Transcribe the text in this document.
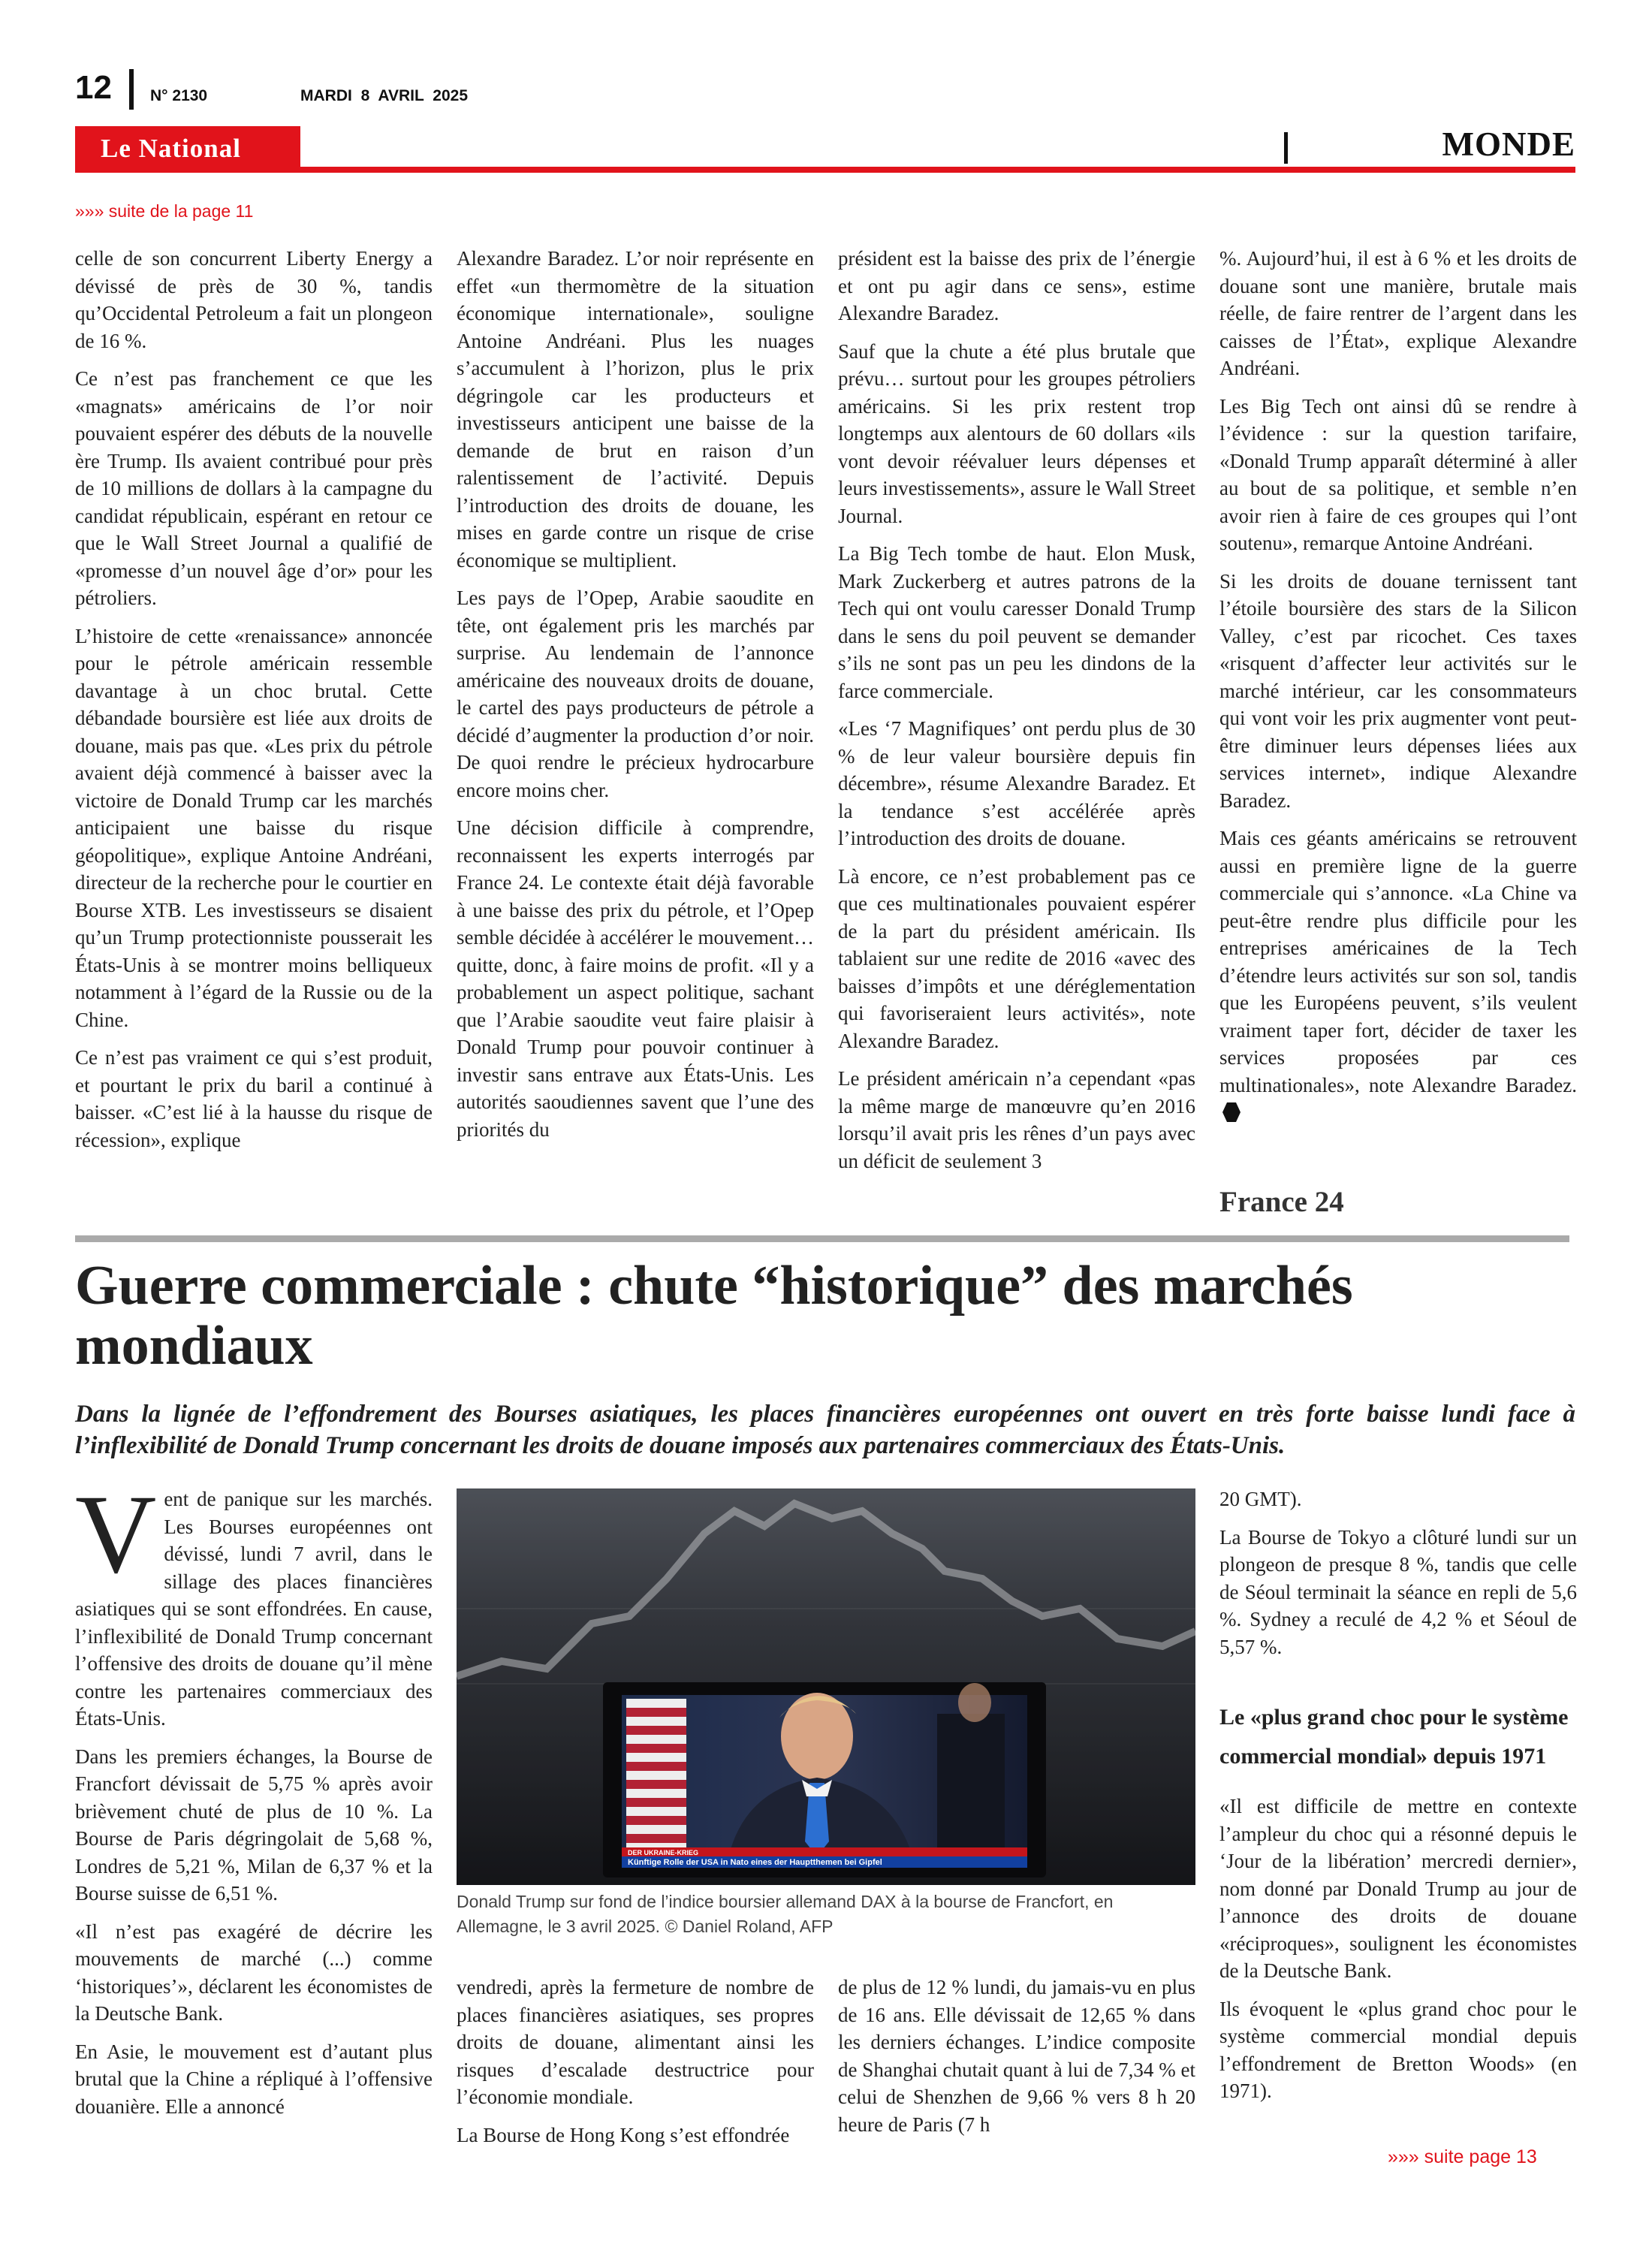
12 N° 2130	MARDI 8 AVRIL 2025
Le National	MONDE
»»» suite de la page 11

celle de son concurrent Liberty Energy a dévissé de près de 30 %, tandis qu’Occidental Petroleum a fait un plongeon de 16 %.

Ce n’est pas franchement ce que les «magnats» américains de l’or noir pouvaient espérer des débuts de la nouvelle ère Trump. Ils avaient contribué pour près de 10 millions de dollars à la campagne du candidat républicain, espérant en retour ce que le Wall Street Journal a qualifié de «promesse d’un nouvel âge d’or» pour les pétroliers.

L’histoire de cette «renaissance» annoncée pour le pétrole américain ressemble davantage à un choc brutal. Cette débandade boursière est liée aux droits de douane, mais pas que. «Les prix du pétrole avaient déjà commencé à baisser avec la victoire de Donald Trump car les marchés anticipaient une baisse du risque géopolitique», explique Antoine Andréani, directeur de la recherche pour le courtier en Bourse XTB. Les investisseurs se disaient qu’un Trump protectionniste pousserait les États-Unis à se montrer moins belliqueux notamment à l’égard de la Russie ou de la Chine.

Ce n’est pas vraiment ce qui s’est produit, et pourtant le prix du baril a continué à baisser. «C’est lié à la hausse du risque de récession», explique

Alexandre Baradez. L’or noir représente en effet «un thermomètre de la situation économique internationale», souligne Antoine Andréani. Plus les nuages s’accumulent à l’horizon, plus le prix dégringole car les producteurs et investisseurs anticipent une baisse de la demande de brut en raison d’un ralentissement de l’activité. Depuis l’introduction des droits de douane, les mises en garde contre un risque de crise économique se multiplient.

Les pays de l’Opep, Arabie saoudite en tête, ont également pris les marchés par surprise. Au lendemain de l’annonce américaine des nouveaux droits de douane, le cartel des pays producteurs de pétrole a décidé d’augmenter la production d’or noir. De quoi rendre le précieux hydrocarbure encore moins cher.

Une décision difficile à comprendre, reconnaissent les experts interrogés par France 24. Le contexte était déjà favorable à une baisse des prix du pétrole, et l’Opep semble décidée à accélérer le mouvement… quitte, donc, à faire moins de profit. «Il y a probablement un aspect politique, sachant que l’Arabie saoudite veut faire plaisir à Donald Trump pour pouvoir continuer à investir sans entrave aux États-Unis. Les autorités saoudiennes savent que l’une des priorités du

président est la baisse des prix de l’énergie et ont pu agir dans ce sens», estime Alexandre Baradez.

Sauf que la chute a été plus brutale que prévu… surtout pour les groupes pétroliers américains. Si les prix restent trop longtemps aux alentours de 60 dollars «ils vont devoir réévaluer leurs dépenses et leurs investissements», assure le Wall Street Journal.

La Big Tech tombe de haut. Elon Musk, Mark Zuckerberg et autres patrons de la Tech qui ont voulu caresser Donald Trump dans le sens du poil peuvent se demander s’ils ne sont pas un peu les dindons de la farce commerciale.

«Les ‘7 Magnifiques’ ont perdu plus de 30 % de leur valeur boursière depuis fin décembre», résume Alexandre Baradez. Et la tendance s’est accélérée après l’introduction des droits de douane.

Là encore, ce n’est probablement pas ce que ces multinationales pouvaient espérer de la part du président américain. Ils tablaient sur une redite de 2016 «avec des baisses d’impôts et une déréglementation qui favoriseraient leurs activités», note Alexandre Baradez.

Le président américain n’a cependant «pas la même marge de manœuvre qu’en 2016 lorsqu’il avait pris les rênes d’un pays avec un déficit de seulement 3

%. Aujourd’hui, il est à 6 % et les droits de douane sont une manière, brutale mais réelle, de faire rentrer de l’argent dans les caisses de l’État», explique Alexandre Andréani.

Les Big Tech ont ainsi dû se rendre à l’évidence : sur la question tarifaire, «Donald Trump apparaît déterminé à aller au bout de sa politique, et semble n’en avoir rien à faire de ces groupes qui l’ont soutenu», remarque Antoine Andréani.

Si les droits de douane ternissent tant l’étoile boursière des stars de la Silicon Valley, c’est par ricochet. Ces taxes «risquent d’affecter leur activités sur le marché intérieur, car les consommateurs qui vont voir les prix augmenter vont peut-être diminuer leurs dépenses liées aux services internet», indique Alexandre Baradez.

Mais ces géants américains se retrouvent aussi en première ligne de la guerre commerciale qui s’annonce. «La Chine va peut-être rendre plus difficile pour les entreprises américaines de la Tech d’étendre leurs activités sur son sol, tandis que les Européens peuvent, s’ils veulent vraiment taper fort, décider de taxer les services proposées par ces multinationales», note Alexandre Baradez.

France 24
Guerre commerciale : chute “historique” des marchés mondiaux
Dans la lignée de l’effondrement des Bourses asiatiques, les places financières européennes ont ouvert en très forte baisse lundi face à l’inflexibilité de Donald Trump concernant les droits de douane imposés aux partenaires commerciaux des États-Unis.

Vent de panique sur les marchés. Les Bourses européennes ont dévissé, lundi 7 avril, dans le sillage des places financières asiatiques qui se sont effondrées. En cause, l’inflexibilité de Donald Trump concernant l’offensive des droits de douane qu’il mène contre les partenaires commerciaux des États-Unis.

Dans les premiers échanges, la Bourse de Francfort dévissait de 5,75 % après avoir brièvement chuté de plus de 10 %. La Bourse de Paris dégringolait de 5,68 %, Londres de 5,21 %, Milan de 6,37 % et la Bourse suisse de 6,51 %.

«Il n’est pas exagéré de décrire les mouvements de marché (...) comme ‘historiques’», déclarent les économistes de la Deutsche Bank.

En Asie, le mouvement est d’autant plus brutal que la Chine a répliqué à l’offensive douanière. Elle a annoncé

DER UKRAINE-KRIEG
Künftige Rolle der USA in Nato eines der Hauptthemen bei Gipfel
Donald Trump sur fond de l’indice boursier allemand DAX à la bourse de Francfort, en Allemagne, le 3 avril 2025. © Daniel Roland, AFP

vendredi, après la fermeture de nombre de places financières asiatiques, ses propres droits de douane, alimentant ainsi les risques d’escalade destructrice pour l’économie mondiale.

La Bourse de Hong Kong s’est effondrée

de plus de 12 % lundi, du jamais-vu en plus de 16 ans. Elle dévissait de 12,65 % dans les derniers échanges. L’indice composite de Shanghai chutait quant à lui de 7,34 % et celui de Shenzhen de 9,66 % vers 8 h 20 heure de Paris (7 h

20 GMT).

La Bourse de Tokyo a clôturé lundi sur un plongeon de presque 8 %, tandis que celle de Séoul terminait la séance en repli de 5,6 %. Sydney a reculé de 4,2 % et Séoul de 5,57 %.

Le «plus grand choc pour le système commercial mondial» depuis 1971

«Il est difficile de mettre en contexte l’ampleur du choc qui a résonné depuis le ‘Jour de la libération’ mercredi dernier», nom donné par Donald Trump au jour de l’annonce des droits de douane «réciproques», soulignent les économistes de la Deutsche Bank.

Ils évoquent le «plus grand choc pour le système commercial mondial depuis l’effondrement de Bretton Woods» (en 1971).

»»» suite page 13
